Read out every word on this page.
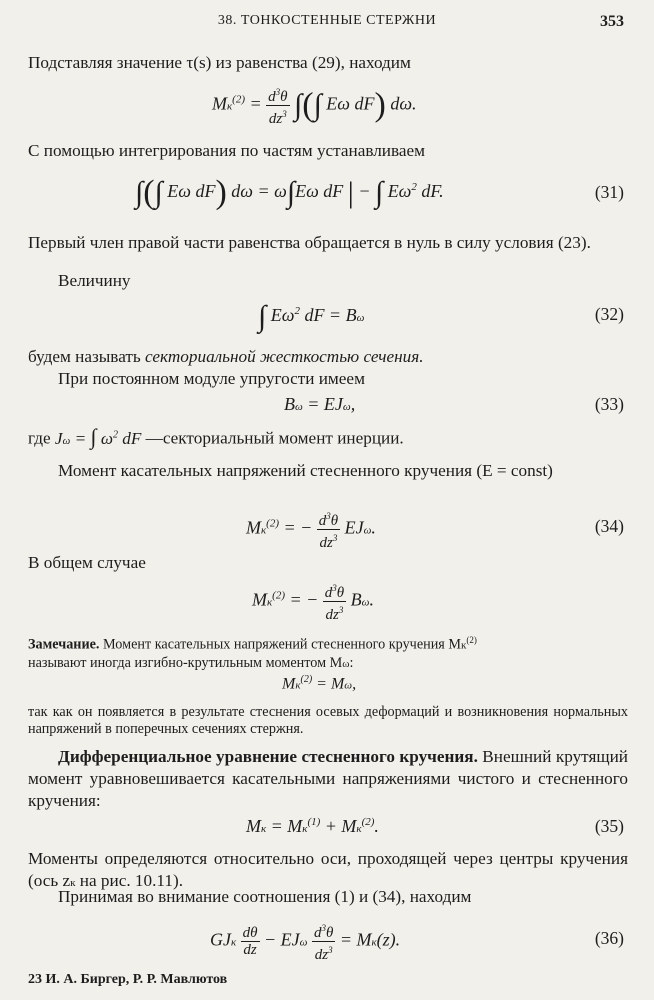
38. ТОНКОСТЕННЫЕ СТЕРЖНИ	353
Подставляя значение τ(s) из равенства (29), находим
$Mк^{(2)} = \frac{d^3\theta}{dz^3}$ ∫(∫ Eω dF) dω.
С помощью интегрирования по частям устанавливаем
∫(∫ Eω dF) dω = ω∫Eω dF | − ∫ $E\omega^2$ dF.	(31)
Первый член правой части равенства обращается в нуль в силу условия (23).
Величину
∫ $E\omega^2$ dF = Bω	(32)
будем называть секториальной жесткостью сечения.
При постоянном модуле упругости имеем
Bω = EJω,	(33)
где Jω = ∫ $\omega^2$ dF —секториальный момент инерции.
Момент касательных напряжений стесненного кручения (E = const)
$Mк^{(2)}$ = − $\frac{d^3\theta}{dz^3} EJ\omega$.	(34)
В общем случае
$Mк^{(2)}$ = − $\frac{d^3\theta}{dz^3} B\omega$.
Замечание. Момент касательных напряжений стесненного кручения $Mк^{(2)}$
называют иногда изгибно-крутильным моментом Mω:
$Mк^{(2)} = M\omega$,
так как он появляется в результате стеснения осевых деформаций и возникновения нормальных напряжений в поперечных сечениях стержня.
Дифференциальное уравнение стесненного кручения. Внешний крутящий момент уравновешивается касательными напряжениями чистого и стесненного кручения:
Mк = $Mк^{(1)} + Mк^{(2)}$.	(35)
Моменты определяются относительно оси, проходящей через центры кручения (ось zк на рис. 10.11).
Принимая во внимание соотношения (1) и (34), находим
GJк $\frac{d\theta}{dz} - EJ\omega \frac{d^3\theta}{dz^3} = Mк(z)$.	(36)
23 И. А. Биргер, Р. Р. Мавлютов
